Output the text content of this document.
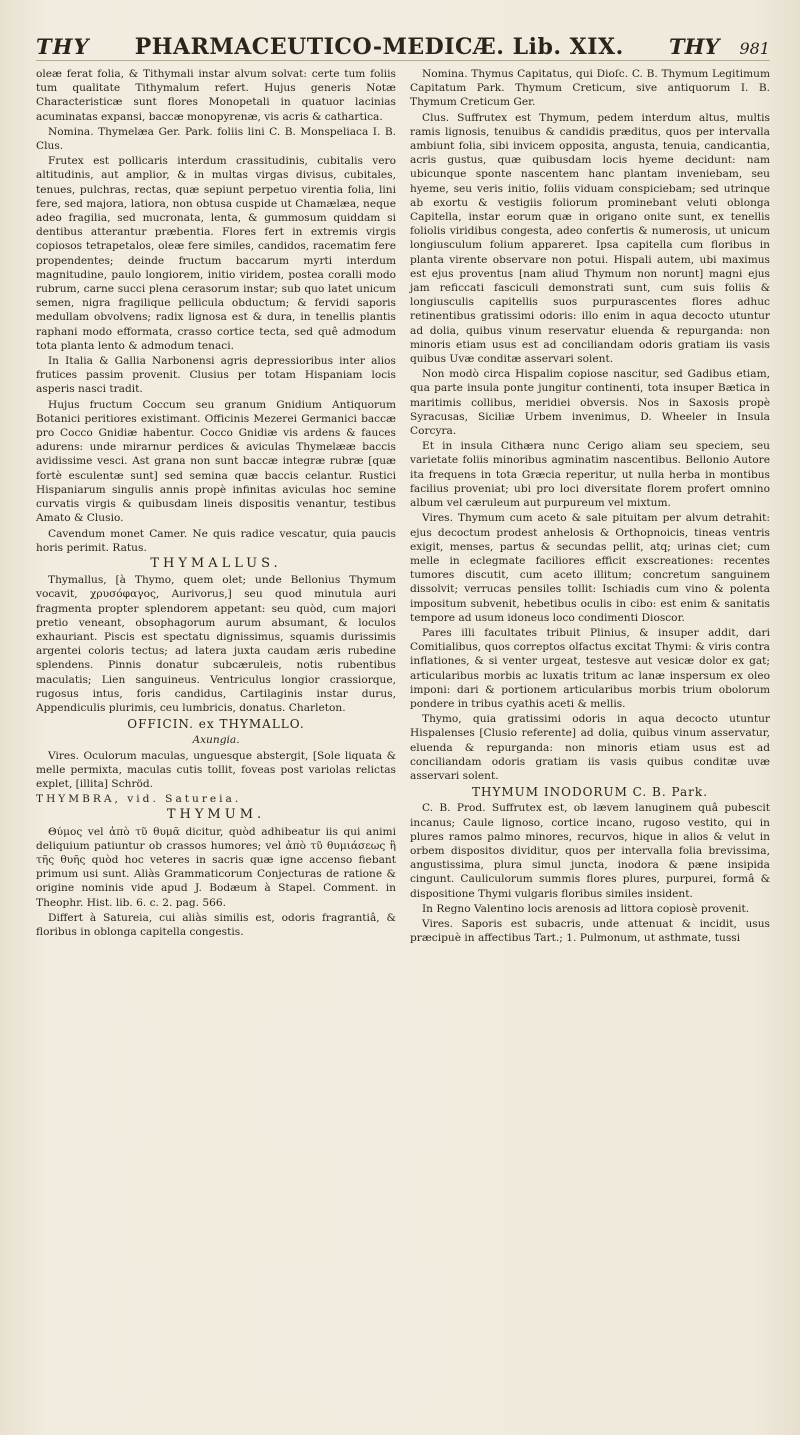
THY PHARMACEUTICO-MEDICÆ. Lib. XIX. THY 981

oleæ ferat folia, & Tithymali instar alvum solvat: certe tum foliis tum qualitate Tithymalum refert. Hujus generis Notæ Characteristicæ sunt flores Monopetali in quatuor lacinias acuminatas expansi, baccæ monopyrenæ, vis acris & cathartica.

Nomina. Thymelæa Ger. Park. foliis lini C. B. Monspeliaca I. B. Clus.

Frutex est pollicaris interdum crassitudinis, cubitalis vero altitudinis, aut amplior, & in multas virgas divisus, cubitales, tenues, pulchras, rectas, quæ sepiunt perpetuo virentia folia, lini fere, sed majora, latiora, non obtusa cuspide ut Chamælæa, neque adeo fragilia, sed mucronata, lenta, & gummosum quiddam si dentibus atterantur præbentia. Flores fert in extremis virgis copiosos tetrapetalos, oleæ fere similes, candidos, racematim fere propendentes; deinde fructum baccarum myrti interdum magnitudine, paulo longiorem, initio viridem, postea coralli modo rubrum, carne succi plena cerasorum instar; sub quo latet unicum semen, nigra fragilique pellicula obductum; & fervidi saporis medullam obvolvens; radix lignosa est & dura, in tenellis plantis raphani modo efformata, crasso cortice tecta, sed quê admodum tota planta lento & admodum tenaci.

In Italia & Gallia Narbonensi agris depressioribus inter alios frutices passim provenit. Clusius per totam Hispaniam locis asperis nasci tradit.

Hujus fructum Coccum seu granum Gnidium Antiquorum Botanici peritiores existimant. Officinis Mezerei Germanici baccæ pro Cocco Gnidiæ habentur. Cocco Gnidiæ vis ardens & fauces adurens: unde mirarnur perdices & aviculas Thymelææ baccis avidissime vesci. Ast grana non sunt baccæ integræ rubræ [quæ fortè esculentæ sunt] sed semina quæ baccis celantur. Rustici Hispaniarum singulis annis propè infinitas aviculas hoc semine curvatis virgis & quibusdam lineis dispositis venantur, testibus Amato & Clusio.

Cavendum monet Camer. Ne quis radice vescatur, quia paucis horis perimit. Ratus.

THYMALLUS.

Thymallus, [à Thymo, quem olet; unde Bellonius Thymum vocavit, χρυσόφαγος, Aurivorus,] seu quod minutula auri fragmenta propter splendorem appetant: seu quòd, cum majori pretio veneant, obsophagorum aurum absumant, & loculos exhauriant. Piscis est spectatu dignissimus, squamis durissimis argentei coloris tectus; ad latera juxta caudam æris rubedine splendens. Pinnis donatur subcæruleis, notis rubentibus maculatis; Lien sanguineus. Ventriculus longior crassiorque, rugosus intus, foris candidus, Cartilaginis instar durus, Appendiculis plurimis, ceu lumbricis, donatus. Charleton.

OFFICIN. ex THYMALLO.

Axungia.

Vires. Oculorum maculas, unguesque abstergit, [Sole liquata & melle permixta, maculas cutis tollit, foveas post variolas relictas explet, [illita] Schröd.

THYMBRA, vid. Satureia.

THYMUM.

Θύμος vel ἀπὸ τῦ θυμᾶ dicitur, quòd adhibeatur iis qui animi deliquium patiuntur ob crassos humores; vel ἀπὸ τῦ θυμιάσεως ἢ τῆς θυῆς quòd hoc veteres in sacris quæ igne accenso fiebant primum usi sunt. Aliàs Grammaticorum Conjecturas de ratione & origine nominis vide apud J. Bodæum à Stapel. Comment. in Theophr. Hist. lib. 6. c. 2. pag. 566.

Differt à Satureia, cui aliàs similis est, odoris fragrantiâ, & floribus in oblonga capitella congestis.

Nomina. Thymus Capitatus, qui Dioſc. C. B. Thymum Legitimum Capitatum Park. Thymum Creticum, sive antiquorum I. B. Thymum Creticum Ger.

Clus. Suffrutex est Thymum, pedem interdum altus, multis ramis lignosis, tenuibus & candidis præditus, quos per intervalla ambiunt folia, sibi invicem opposita, angusta, tenuia, candicantia, acris gustus, quæ quibusdam locis hyeme decidunt: nam ubicunque sponte nascentem hanc plantam inveniebam, seu hyeme, seu veris initio, foliis viduam conspiciebam; sed utrinque ab exortu & vestigiis foliorum prominebant veluti oblonga Capitella, instar eorum quæ in origano onite sunt, ex tenellis foliolis viridibus congesta, adeo confertis & numerosis, ut unicum longiusculum folium appareret. Ipsa capitella cum floribus in planta virente observare non potui. Hispali autem, ubi maximus est ejus proventus [nam aliud Thymum non norunt] magni ejus jam reficcati fasciculi demonstrati sunt, cum suis foliis & longiusculis capitellis suos purpurascentes flores adhuc retinentibus gratissimi odoris: illo enim in aqua decocto utuntur ad dolia, quibus vinum reservatur eluenda & repurganda: non minoris etiam usus est ad conciliandam odoris gratiam iis vasis quibus Uvæ conditæ asservari solent.

Non modò circa Hispalim copiose nascitur, sed Gadibus etiam, qua parte insula ponte jungitur continenti, tota insuper Bætica in maritimis collibus, meridiei obversis. Nos in Saxosis propè Syracusas, Siciliæ Urbem invenimus, D. Wheeler in Insula Corcyra.

Et in insula Cithæra nunc Cerigo aliam seu speciem, seu varietate foliis minoribus agminatim nascentibus. Bellonio Autore ita frequens in tota Græcia reperitur, ut nulla herba in montibus facilius proveniat; ubi pro loci diversitate florem profert omnino album vel cæruleum aut purpureum vel mixtum.

Vires. Thymum cum aceto & sale pituitam per alvum detrahit: ejus decoctum prodest anhelosis & Orthopnoicis, tineas ventris exigit, menses, partus & secundas pellit, atq; urinas ciet; cum melle in eclegmate faciliores efficit exscreationes: recentes tumores discutit, cum aceto illitum; concretum sanguinem dissolvit; verrucas pensiles tollit: Ischiadis cum vino & polenta impositum subvenit, hebetibus oculis in cibo: est enim & sanitatis tempore ad usum idoneus loco condimenti Dioscor.

Pares illi facultates tribuit Plinius, & insuper addit, dari Comitialibus, quos correptos olfactus excitat Thymi: & viris contra inflationes, & si venter urgeat, testesve aut vesicæ dolor ex gat; articularibus morbis ac luxatis tritum ac lanæ inspersum ex oleo imponi: dari & portionem articularibus morbis trium obolorum pondere in tribus cyathis aceti & mellis.

Thymo, quia gratissimi odoris in aqua decocto utuntur Hispalenses [Clusio referente] ad dolia, quibus vinum asservatur, eluenda & repurganda: non minoris etiam usus est ad conciliandam odoris gratiam iis vasis quibus conditæ uvæ asservari solent.

THYMUM INODORUM C. B. Park.

C. B. Prod. Suffrutex est, ob lævem lanuginem quâ pubescit incanus; Caule lignoso, cortice incano, rugoso vestito, qui in plures ramos palmo minores, recurvos, hique in alios & velut in orbem dispositos dividitur, quos per intervalla folia brevissima, angustissima, plura simul juncta, inodora & pæne insipida cingunt. Cauliculorum summis flores plures, purpurei, formâ & dispositione Thymi vulgaris floribus similes insident.

In Regno Valentino locis arenosis ad littora copiosè provenit.

Vires. Saporis est subacris, unde attenuat & incidit, usus præcipuè in affectibus Tart.; 1. Pulmonum, ut asthmate, tussi
